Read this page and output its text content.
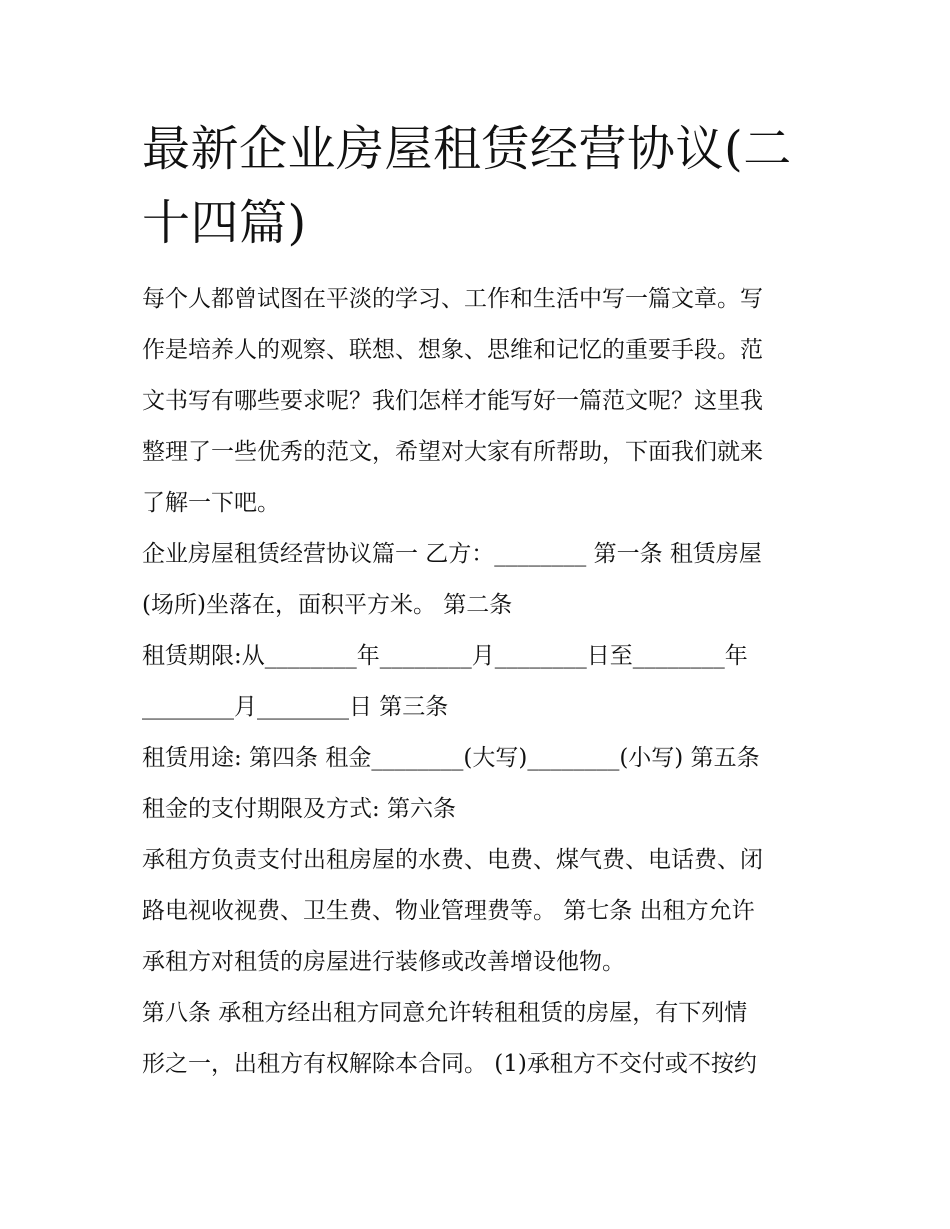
最新企业房屋租赁经营协议(二
十四篇)

每个人都曾试图在平淡的学习、工作和生活中写一篇文章。写
作是培养人的观察、联想、想象、思维和记忆的重要手段。范
文书写有哪些要求呢？我们怎样才能写好一篇范文呢？这里我
整理了一些优秀的范文，希望对大家有所帮助，下面我们就来
了解一下吧。

企业房屋租赁经营协议篇一 乙方：________ 第一条 租赁房屋
(场所)坐落在，面积平方米。 第二条

租赁期限:从________年________月________日至________年
________月________日 第三条

租赁用途: 第四条 租金________(大写)________(小写) 第五条
租金的支付期限及方式: 第六条

承租方负责支付出租房屋的水费、电费、煤气费、电话费、闭
路电视收视费、卫生费、物业管理费等。 第七条 出租方允许
承租方对租赁的房屋进行装修或改善增设他物。

第八条 承租方经出租方同意允许转租租赁的房屋，有下列情
形之一，出租方有权解除本合同。 (1)承租方不交付或不按约
